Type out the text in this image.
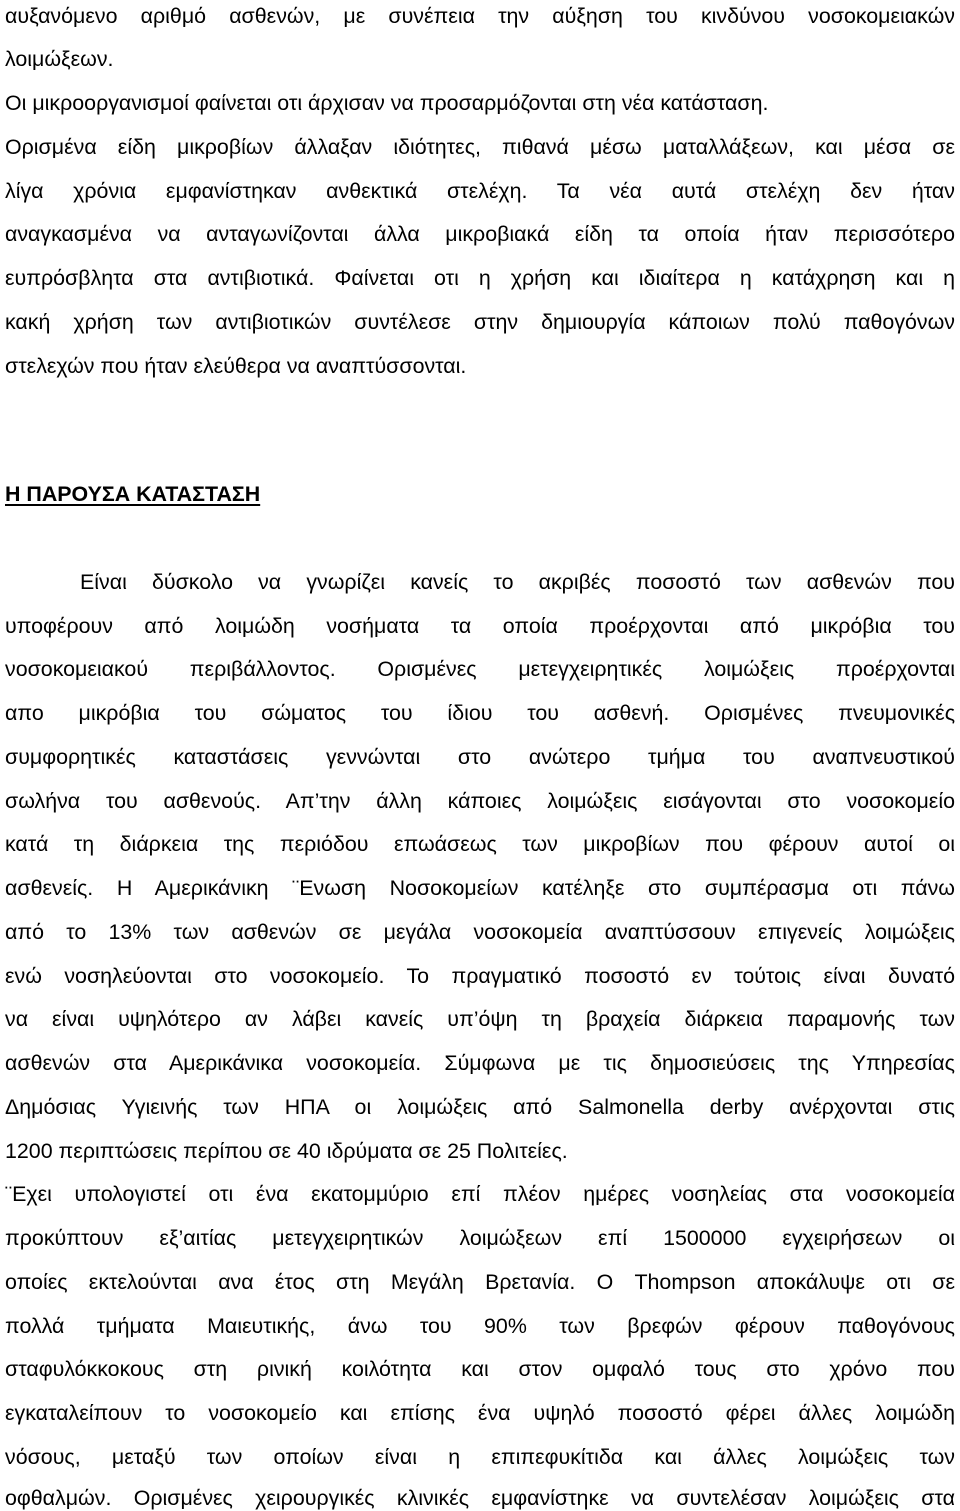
αυξανόμενο αριθμό ασθενών, με συνέπεια την αύξηση του κινδύνου νοσοκομειακών
λοιμώξεων.
Οι μικροοργανισμοί φαίνεται οτι άρχισαν να προσαρμόζονται στη νέα κατάσταση.
Ορισμένα είδη μικροβίων άλλαξαν ιδιότητες, πιθανά μέσω ματαλλάξεων, και μέσα σε
λίγα χρόνια εμφανίστηκαν ανθεκτικά στελέχη. Τα νέα αυτά στελέχη δεν ήταν
αναγκασμένα να ανταγωνίζονται άλλα μικροβιακά είδη τα οποία ήταν περισσότερο
ευπρόσβλητα στα αντιβιοτικά. Φαίνεται οτι η χρήση και ιδιαίτερα η κατάχρηση και η
κακή χρήση των αντιβιοτικών συντέλεσε στην δημιουργία κάποιων πολύ παθογόνων
στελεχών που ήταν ελεύθερα να αναπτύσσονται.
Η ΠΑΡΟΥΣΑ ΚΑΤΑΣΤΑΣΗ
Είναι δύσκολο να γνωρίζει κανείς το ακριβές ποσοστό των ασθενών που
υποφέρουν από λοιμώδη νοσήματα τα οποία προέρχονται από μικρόβια του
νοσοκομειακού περιβάλλοντος. Ορισμένες μετεγχειρητικές λοιμώξεις προέρχονται
απο μικρόβια του σώματος του ίδιου του ασθενή. Ορισμένες πνευμονικές
συμφορητικές καταστάσεις γεννώνται στο ανώτερο τμήμα του αναπνευστικού
σωλήνα του ασθενούς. Απ’την άλλη κάποιες λοιμώξεις εισάγονται στο νοσοκομείο
κατά τη διάρκεια της περιόδου επωάσεως των μικροβίων που φέρουν αυτοί οι
ασθενείς. Η Αμερικάνικη ¨Ενωση Νοσοκομείων κατέληξε στο συμπέρασμα οτι πάνω
από το 13% των ασθενών σε μεγάλα νοσοκομεία αναπτύσσουν επιγενείς λοιμώξεις
ενώ νοσηλεύονται στο νοσοκομείο. Το πραγματικό ποσοστό εν τούτοις είναι δυνατό
να είναι υψηλότερο αν λάβει κανείς υπ’όψη τη βραχεία διάρκεια παραμονής των
ασθενών στα Αμερικάνικα νοσοκομεία. Σύμφωνα με τις δημοσιεύσεις της Υπηρεσίας
Δημόσιας Υγιεινής των ΗΠΑ οι λοιμώξεις από Salmonella derby ανέρχονται στις
1200 περιπτώσεις περίπου σε 40 ιδρύματα σε 25 Πολιτείες.
¨Εχει υπολογιστεί οτι ένα εκατομμύριο επί πλέον ημέρες νοσηλείας στα νοσοκομεία
προκύπτουν εξ’αιτίας μετεγχειρητικών λοιμώξεων επί 1500000 εγχειρήσεων οι
οποίες εκτελούνται ανα έτος στη Μεγάλη Βρετανία. Ο Thompson αποκάλυψε οτι σε
πολλά τμήματα Μαιευτικής, άνω του 90% των βρεφών φέρουν παθογόνους
σταφυλόκκοκους στη ρινική κοιλότητα και στον ομφαλό τους στο χρόνο που
εγκαταλείπουν το νοσοκομείο και επίσης ένα υψηλό ποσοστό φέρει άλλες λοιμώδη
νόσους, μεταξύ των οποίων είναι η επιπεφυκίτιδα και άλλες λοιμώξεις των
οφθαλμών. Ορισμένες χειρουργικές κλινικές εμφανίστηκε να συντελέσαν λοιμώξεις στα
